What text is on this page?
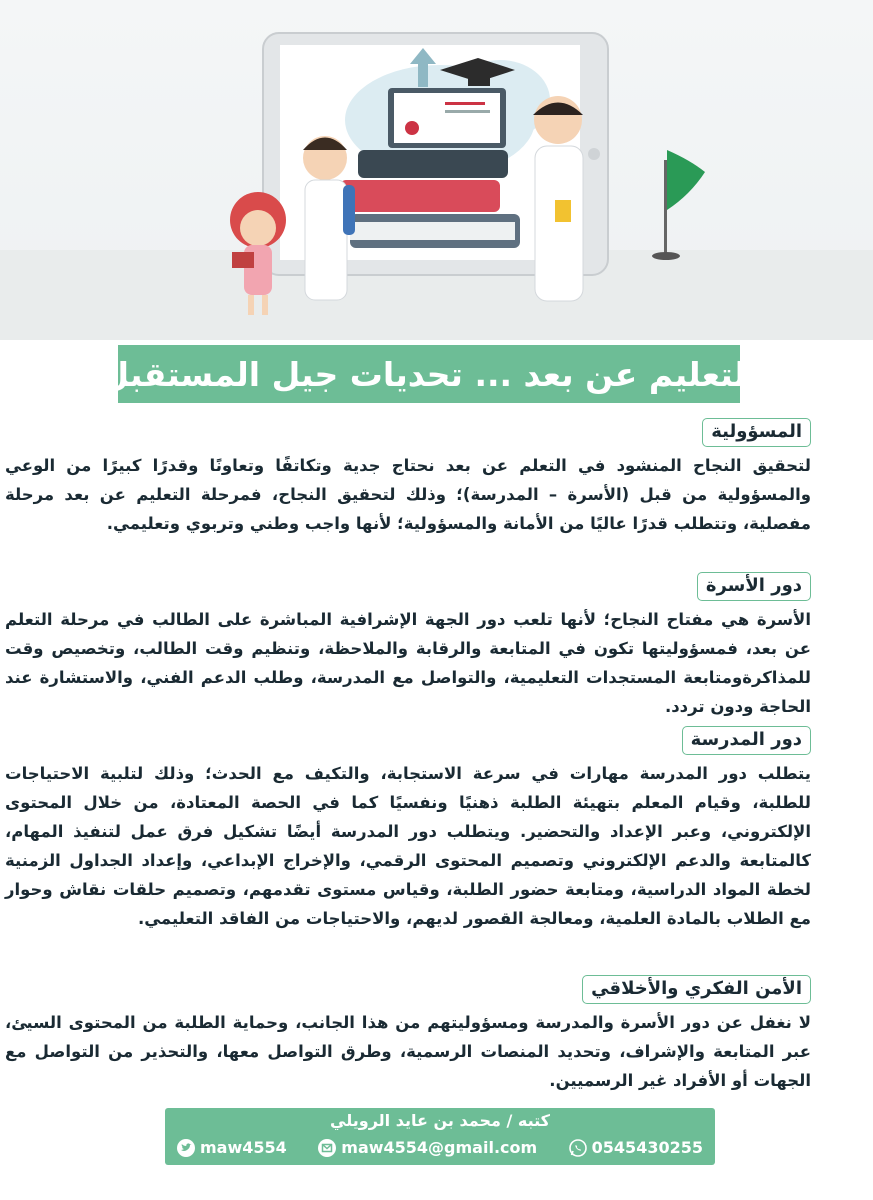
التعليم عن بعد ... تحديات جيل المستقبل
المسؤولية

لتحقيق النجاح المنشود في التعلم عن بعد نحتاج جدية وتكاتفًا وتعاونًا وقدرًا كبيرًا من الوعي والمسؤولية من قبل (الأسرة – المدرسة)؛ وذلك لتحقيق النجاح، فمرحلة التعليم عن بعد مرحلة مفصلية، وتتطلب قدرًا عاليًا من الأمانة والمسؤولية؛ لأنها واجب وطني وتربوي وتعليمي.

دور الأسرة

الأسرة هي مفتاح النجاح؛ لأنها تلعب دور الجهة الإشرافية المباشرة على الطالب في مرحلة التعلم عن بعد، فمسؤوليتها تكون في المتابعة والرقابة والملاحظة، وتنظيم وقت الطالب، وتخصيص وقت للمذاكرةومتابعة المستجدات التعليمية، والتواصل مع المدرسة، وطلب الدعم الفني، والاستشارة عند الحاجة ودون تردد.

دور المدرسة

يتطلب دور المدرسة مهارات في سرعة الاستجابة، والتكيف مع الحدث؛ وذلك لتلبية الاحتياجات للطلبة، وقيام المعلم بتهيئة الطلبة ذهنيًا ونفسيًا كما في الحصة المعتادة، من خلال المحتوى الإلكتروني، وعبر الإعداد والتحضير. ويتطلب دور المدرسة أيضًا تشكيل فرق عمل لتنفيذ المهام، كالمتابعة والدعم الإلكتروني وتصميم المحتوى الرقمي، والإخراج الإبداعي، وإعداد الجداول الزمنية لخطة المواد الدراسية، ومتابعة حضور الطلبة، وقياس مستوى تقدمهم، وتصميم حلقات نقاش وحوار مع الطلاب بالمادة العلمية، ومعالجة القصور لديهم، والاحتياجات من الفاقد التعليمي.

الأمن الفكري والأخلاقي

لا نغفل عن دور الأسرة والمدرسة ومسؤوليتهم من هذا الجانب، وحماية الطلبة من المحتوى السيئ، عبر المتابعة والإشراف، وتحديد المنصات الرسمية، وطرق التواصل معها، والتحذير من التواصل مع الجهات أو الأفراد غير الرسميين.

كتبه / محمد بن عايد الرويلي
maw4554	maw4554@gmail.com	0545430255
